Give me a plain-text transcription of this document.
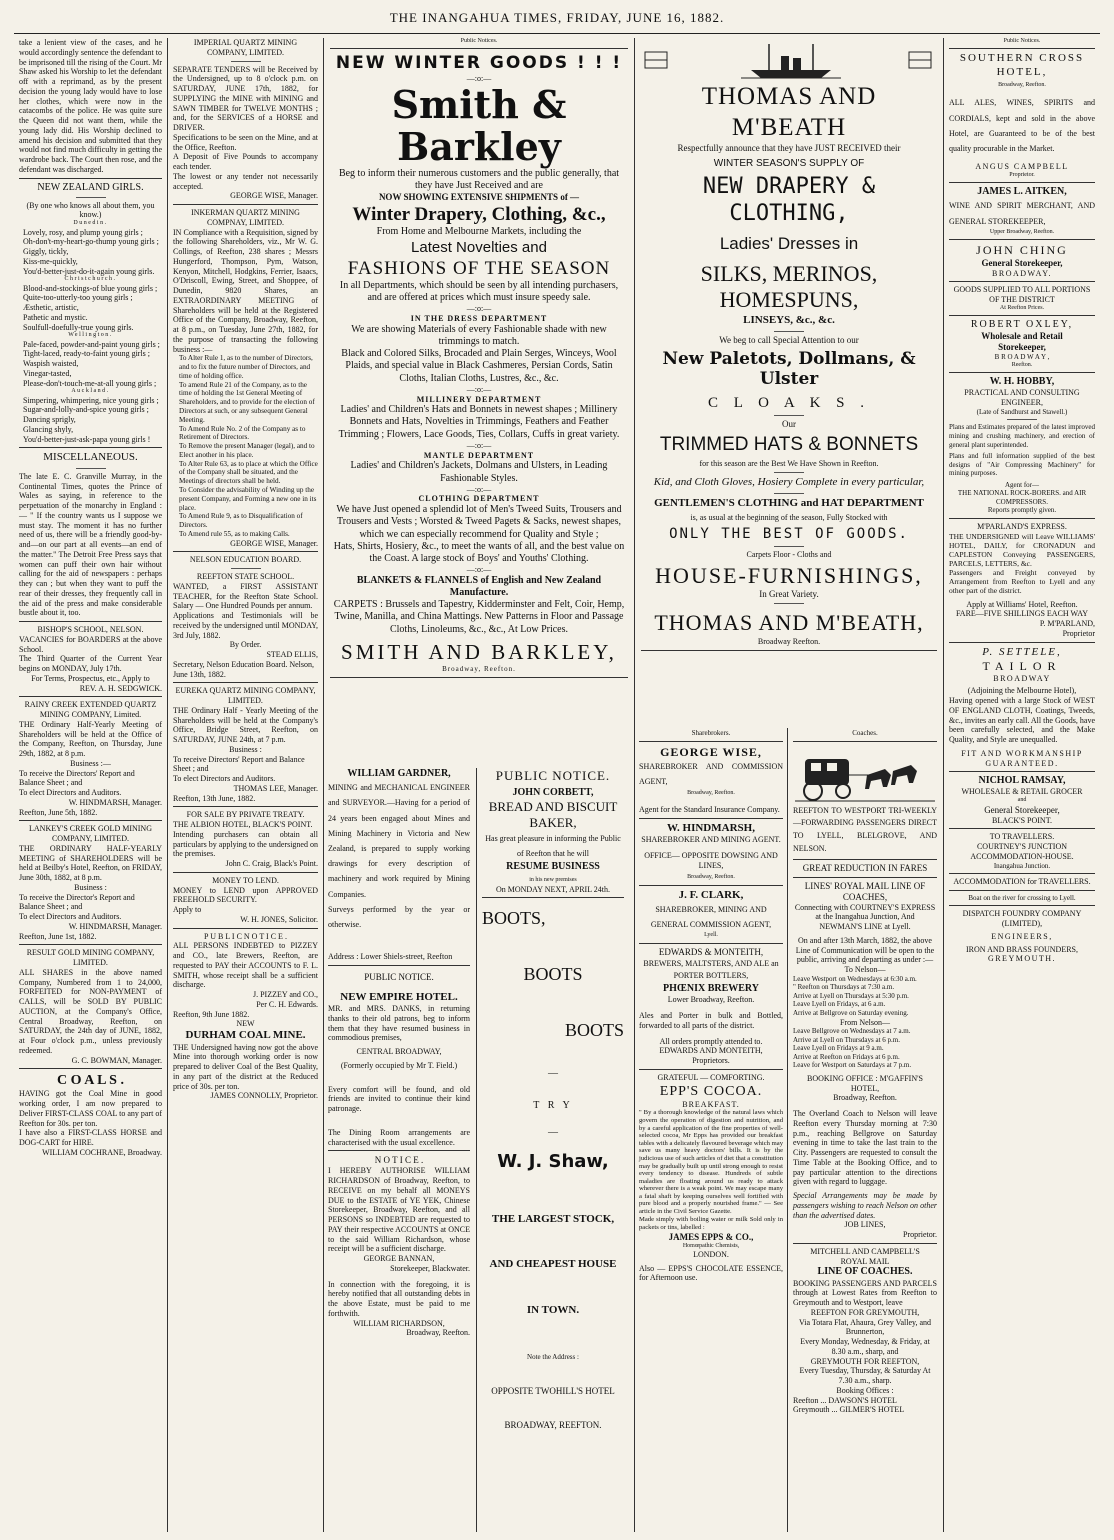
THE INANGAHUA TIMES, FRIDAY, JUNE 16, 1882.

take a lenient view of the cases, and he would accordingly sentence the defendant to be imprisoned till the rising of the Court. Mr Shaw asked his Worship to let the defendant off with a reprimand, as by the present decision the young lady would have to lose her clothes, which were now in the catacombs of the police. He was quite sure the Queen did not want them, while the young lady did. His Worship declined to amend his decision and submitted that they would not find much difficulty in getting the wardrobe back. The Court then rose, and the defendant was discharged.

NEW ZEALAND GIRLS.

(By one who knows all about them, you know.)

Dunedin.

Lovely, rosy, and plump young girls ;
Oh-don't-my-heart-go-thump young girls ;
Giggly, tickly,
Kiss-me-quickly,
You'd-better-just-do-it-again young girls.

Christchurch.

Blood-and-stockings-of blue young girls ;
Quite-too-utterly-too young girls ;
Æsthetic, artistic,
Pathetic and mystic.
Soulfull-doefully-true young girls.

Wellington.

Pale-faced, powder-and-paint young girls ;
Tight-laced, ready-to-faint young girls ;
Waspish waisted,
Vinegar-tasted,
Please-don't-touch-me-at-all young girls ;

Auckland.

Simpering, whimpering, nice young girls ;
Sugar-and-lolly-and-spice young girls ;
Dancing sprigly,
Glancing shyly,
You'd-better-just-ask-papa young girls !

MISCELLANEOUS.

The late E. C. Granville Murray, in the Continental Times, quotes the Prince of Wales as saying, in reference to the perpetuation of the monarchy in England :— " If the country wants us I suppose we must stay. The moment it has no further need of us, there will be a friendly good-by-and—on our part at all events—an end of the matter." The Detroit Free Press says that women can puff their own hair without calling for the aid of newspapers : perhaps they can ; but when they want to puff the rear of their dresses, they frequently call in the aid of the press and make considerable bustle about it, too.

BISHOP'S SCHOOL, NELSON.

VACANCIES for BOARDERS at the above School.

The Third Quarter of the Current Year begins on MONDAY, July 17th.

For Terms, Prospectus, etc., Apply to

REV. A. H. SEDGWICK.

RAINY CREEK EXTENDED QUARTZ MINING COMPANY, Limited.

THE Ordinary Half-Yearly Meeting of Shareholders will be held at the Office of the Company, Reefton, on Thursday, June 29th, 1882, at 8 p.m.

Business :—

To receive the Directors' Report and Balance Sheet ; and
To elect Directors and Auditors.

W. HINDMARSH, Manager.

Reefton, June 5th, 1882.

LANKEY'S CREEK GOLD MINING COMPANY, LIMITED.

THE ORDINARY HALF-YEARLY MEETING of SHAREHOLDERS will be held at Beilby's Hotel, Reefton, on FRIDAY, June 30th, 1882, at 8 p.m.

Business :

To receive the Director's Report and Balance Sheet ; and
To elect Directors and Auditors.

W. HINDMARSH, Manager.

Reefton, June 1st, 1882.

RESULT GOLD MINING COMPANY, LIMITED.

ALL SHARES in the above named Company, Numbered from 1 to 24,000, FORFEITED for NON-PAYMENT of CALLS, will be SOLD BY PUBLIC AUCTION, at the Company's Office, Central Broadway, Reefton, on SATURDAY, the 24th day of JUNE, 1882, at Four o'clock p.m., unless previously redeemed.

G. C. BOWMAN, Manager.

C O A L S .

HAVING got the Coal Mine in good working order, I am now prepared to Deliver FIRST-CLASS COAL to any part of Reefton for 30s. per ton.

I have also a FIRST-CLASS HORSE and DOG-CART for HIRE.

WILLIAM COCHRANE, Broadway.

IMPERIAL QUARTZ MINING COMPANY, LIMITED.

SEPARATE TENDERS will be Received by the Undersigned, up to 8 o'clock p.m. on SATURDAY, JUNE 17th, 1882, for SUPPLYING the MINE with MINING and SAWN TIMBER for TWELVE MONTHS ; and, for the SERVICES of a HORSE and DRIVER.

Specifications to be seen on the Mine, and at the Office, Reefton.

A Deposit of Five Pounds to accompany each tender.

The lowest or any tender not necessarily accepted.

GEORGE WISE, Manager.

INKERMAN QUARTZ MINING COMPNAY, LIMITED.

IN Compliance with a Requisition, signed by the following Shareholders, viz., Mr W. G. Collings, of Reefton, 238 shares ; Messrs Hungerford, Thompson, Pym, Watson, Kenyon, Mitchell, Hodgkins, Ferrier, Isaacs, O'Driscoll, Ewing, Street, and Shoppee, of Dunedin, 9820 Shares, an EXTRAORDINARY MEETING of Shareholders will be held at the Registered Office of the Company, Broadway, Reefton, at 8 p.m., on Tuesday, June 27th, 1882, for the purpose of transacting the following business :—

To Alter Rule 1, as to the number of Directors, and to fix the future number of Directors, and time of holding office.
To amend Rule 21 of the Company, as to the time of holding the 1st General Meeting of Shareholders, and to provide for the election of Directors at such, or any subsequent General Meeting.
To Amend Rule No. 2 of the Company as to Retirement of Directors.
To Remove the present Manager (legal), and to Elect another in his place.
To Alter Rule 63, as to place at which the Office of the Company shall be situated, and the Meetings of directors shall be held.
To Consider the advisability of Winding up the present Company, and Forming a new one in its place.
To Amend Rule 9, as to Disqualification of Directors.
To Amend rule 55, as to making Calls.

GEORGE WISE, Manager.

NELSON EDUCATION BOARD.

REEFTON STATE SCHOOL.

WANTED, a FIRST ASSISTANT TEACHER, for the Reefton State School. Salary — One Hundred Pounds per annum.

Applications and Testimonials will be received by the undersigned until MONDAY, 3rd July, 1882.

By Order.

STEAD ELLIS,

Secretary, Nelson Education Board. Nelson, June 13th, 1882.

EUREKA QUARTZ MINING COMPANY, LIMITED.

THE Ordinary Half - Yearly Meeting of the Shareholders will be held at the Company's Office, Bridge Street, Reefton, on SATURDAY, JUNE 24th, at 7 p.m.

Business :

To receive Directors' Report and Balance Sheet ; and
To elect Directors and Auditors.

THOMAS LEE, Manager.

Reefton, 13th June, 1882.

FOR SALE BY PRIVATE TREATY.

THE ALBION HOTEL, BLACK'S POINT.

Intending purchasers can obtain all particulars by applying to the undersigned on the premises.

John C. Craig, Black's Point.

MONEY TO LEND.

MONEY to LEND upon APPROVED FREEHOLD SECURITY.

Apply to

W. H. JONES, Solicitor.

P U B L I C N O T I C E .

ALL PERSONS INDEBTED to PIZZEY and CO., late Brewers, Reefton, are requested to PAY their ACCOUNTS to F. L. SMITH, whose receipt shall be a sufficient discharge.

J. PIZZEY and CO.,

Per C. H. Edwards.

Reefton, 9th June 1882.

NEW

DURHAM COAL MINE.

THE Undersigned having now got the above Mine into thorough working order is now prepared to deliver Coal of the Best Quality, in any part of the district at the Reduced price of 30s. per ton.

JAMES CONNOLLY, Proprietor.

Public Notices.

NEW WINTER GOODS ! ! !

—:o:—

Smith & Barkley

Beg to inform their numerous customers and the public generally, that they have Just Received and are

NOW SHOWING EXTENSIVE SHIPMENTS of —

Winter Drapery, Clothing, &c.,

From Home and Melbourne Markets, including the

Latest Novelties and

FASHIONS OF THE SEASON

In all Departments, which should be seen by all intending purchasers, and are offered at prices which must insure speedy sale.

—:o:—

IN THE DRESS DEPARTMENT

We are showing Materials of every Fashionable shade with new trimmings to match.

Black and Colored Silks, Brocaded and Plain Serges, Winceys, Wool Plaids, and special value in Black Cashmeres, Persian Cords, Satin Cloths, Italian Cloths, Lustres, &c., &c.

—:o:—

MILLINERY DEPARTMENT

Ladies' and Children's Hats and Bonnets in newest shapes ; Millinery Bonnets and Hats, Novelties in Trimmings, Feathers and Feather Trimming ; Flowers, Lace Goods, Ties, Collars, Cuffs in great variety.

—:o:—

MANTLE DEPARTMENT

Ladies' and Children's Jackets, Dolmans and Ulsters, in Leading Fashionable Styles.

—:o:—

CLOTHING DEPARTMENT

We have Just opened a splendid lot of Men's Tweed Suits, Trousers and Trousers and Vests ; Worsted & Tweed Pagets & Sacks, newest shapes, which we can especially recommend for Quality and Style ;

Hats, Shirts, Hosiery, &c., to meet the wants of all, and the best value on the Coast. A large stock of Boys' and Youths' Clothing.

—:o:—

BLANKETS & FLANNELS of English and New Zealand Manufacture.

CARPETS : Brussels and Tapestry, Kidderminster and Felt, Coir, Hemp, Twine, Manilla, and China Mattings. New Patterns in Floor and Passage Cloths, Linoleums, &c., &c., At Low Prices.

SMITH AND BARKLEY,

Broadway, Reefton.

WILLIAM GARDNER,

MINING and MECHANICAL ENGINEER and SURVEYOR.—Having for a period of 24 years been engaged about Mines and Mining Machinery in Victoria and New Zealand, is prepared to supply working drawings for every description of machinery and work required by Mining Companies.

Surveys performed by the year or otherwise.

Address : Lower Shiels-street, Reefton

PUBLIC NOTICE.

NEW EMPIRE HOTEL.

MR. and MRS. DANKS, in returning thanks to their old patrons, beg to inform them that they have resumed business in commodious premises,

CENTRAL BROADWAY,

(Formerly occupied by Mr T. Field.)

Every comfort will be found, and old friends are invited to continue their kind patronage.

The Dining Room arrangements are characterised with the usual excellence.

N O T I C E .

I HEREBY AUTHORISE WILLIAM RICHARDSON of Broadway, Reefton, to RECEIVE on my behalf all MONEYS DUE to the ESTATE of YE YEK, Chinese Storekeeper, Broadway, Reefton, and all PERSONS so INDEBTED are requested to PAY their respective ACCOUNTS at ONCE to the said William Richardson, whose receipt will be a sufficient discharge.

GEORGE BANNAN,

Storekeeper, Blackwater.

In connection with the foregoing, it is hereby notified that all outstanding debts in the above Estate, must be paid to me forthwith.

WILLIAM RICHARDSON,

Broadway, Reefton.

PUBLIC NOTICE.

JOHN CORBETT,

BREAD AND BISCUIT BAKER,

Has great pleasure in informing the Public of Reefton that he will

RESUME BUSINESS

in his new premises

On MONDAY NEXT, APRIL 24th.

BOOTS,

BOOTS

BOOTS

—

T R Y

—

W. J. Shaw,

THE LARGEST STOCK,

AND CHEAPEST HOUSE

IN TOWN.

Note the Address :

OPPOSITE TWOHILL'S HOTEL

BROADWAY, REEFTON.

THOMAS AND M'BEATH

Respectfully announce that they have JUST RECEIVED their

WINTER SEASON'S SUPPLY OF

NEW DRAPERY & CLOTHING,

Ladies' Dresses in

SILKS, MERINOS, HOMESPUNS,

LINSEYS, &c., &c.

We beg to call Special Attention to our

New Paletots, Dollmans, & Ulster

C L O A K S .

Our

TRIMMED HATS & BONNETS

for this season are the Best We Have Shown in Reefton.

Kid, and Cloth Gloves, Hosiery Complete in every particular,

GENTLEMEN'S CLOTHING and HAT DEPARTMENT

is, as usual at the beginning of the season, Fully Stocked with

ONLY THE BEST OF GOODS.

Carpets Floor - Cloths and

HOUSE-FURNISHINGS,

In Great Variety.

THOMAS AND M'BEATH,

Broadway Reefton.

Sharebrokers.

GEORGE WISE,

SHAREBROKER AND COMMISSION AGENT,

Broadway, Reefton.

Agent for the Standard Insurance Company.

W. HINDMARSH,

SHAREBROKER AND MINING AGENT.

OFFICE— OPPOSITE DOWSING AND LINES,

Broadway, Reefton.

J. F. CLARK,

SHAREBROKER, MINING AND GENERAL COMMISSION AGENT,

Lyell.

EDWARDS & MONTEITH,

BREWERS, MALTSTERS, AND ALE an PORTER BOTTLERS,

PHŒNIX BREWERY

Lower Broadway, Reefton.

Ales and Porter in bulk and Bottled, forwarded to all parts of the district.

All orders promptly attended to.

EDWARDS AND MONTEITH,

Proprietors.

GRATEFUL — COMFORTING.

EPP'S COCOA.

BREAKFAST.

" By a thorough knowledge of the natural laws which govern the operation of digestion and nutrition, and by a careful application of the fine properties of well-selected cocoa, Mr Epps has provided our breakfast tables with a delicately flavoured beverage which may save us many heavy doctors' bills. It is by the judicious use of such articles of diet that a constitution may be gradually built up until strong enough to resist every tendency to disease. Hundreds of subtle maladies are floating around us ready to attack wherever there is a weak point. We may escape many a fatal shaft by keeping ourselves well fortified with pure blood and a properly nourished frame." — See article in the Civil Service Gazette.

Made simply with boiling water or milk Sold only in packets or tins, labelled :

JAMES EPPS & CO.,

Homœpathic Chemists,

LONDON.

Also — EPPS'S CHOCOLATE ESSENCE, for Afternoon use.

Coaches.

REEFTON TO WESTPORT TRI-WEEKLY—FORWARDING PASSENGERS DIRECT TO LYELL, BLELGROVE, AND NELSON.

GREAT REDUCTION IN FARES

LINES' ROYAL MAIL LINE OF COACHES,

Connecting with COURTNEY'S EXPRESS at the Inangahua Junction, And NEWMAN'S LINE at Lyell.

On and after 13th March, 1882, the above Line of Communication will be open to the public, arriving and departing as under :—

To Nelson—

Leave Westport on Wednesdays at 6:30 a.m.
" Reefton on Thursdays at 7:30 a.m.
Arrive at Lyell on Thursdays at 5:30 p.m.
Leave Lyell on Fridays, at 6 a.m.
Arrive at Bellgrove on Saturday evening.

From Nelson—

Leave Bellgrove on Wednesdays at 7 a.m.
Arrive at Lyell on Thursdays at 6 p.m.
Leave Lyell on Fridays at 9 a.m.
Arrive at Reefton on Fridays at 6 p.m.
Leave for Westport on Saturdays at 7 p.m.

BOOKING OFFICE : M'GAFFIN'S HOTEL,

Broadway, Reefton.

The Overland Coach to Nelson will leave Reefton every Thursday morning at 7:30 p.m., reaching Bellgrove on Saturday evening in time to take the last train to the City. Passengers are requested to consult the Time Table at the Booking Office, and to pay particular attention to the directions given with regard to luggage.

Special Arrangements may be made by passengers wishing to reach Nelson on other than the advertised dates.

JOB LINES,

Proprietor.

MITCHELL AND CAMPBELL'S

ROYAL MAIL

LINE OF COACHES.

BOOKING PASSENGERS AND PARCELS through at Lowest Rates from Reefton to Greymouth and to Westport, leave

REEFTON FOR GREYMOUTH,

Via Totara Flat, Ahaura, Grey Valley, and Brunnerton,

Every Monday, Wednesday, & Friday, at 8.30 a.m., sharp, and

GREYMOUTH FOR REEFTON,

Every Tuesday, Thursday, & Saturday At 7.30 a.m., sharp.

Booking Offices :

Reefton ... DAWSON'S HOTEL

Greymouth ... GILMER'S HOTEL

Public Notices.

SOUTHERN CROSS HOTEL,

Broadway, Reefton.

ALL ALES, WINES, SPIRITS and CORDIALS, kept and sold in the above Hotel, are Guaranteed to be of the best quality procurable in the Market.

ANGUS CAMPBELL

Proprietor.

JAMES L. AITKEN,

WINE AND SPIRIT MERCHANT, AND GENERAL STOREKEEPER,

Upper Broadway, Reefton.

JOHN CHING

General Storekeeper,

BROADWAY.

GOODS SUPPLIED TO ALL PORTIONS OF THE DISTRICT

At Reefton Prices.

ROBERT OXLEY,

Wholesale and Retail

Storekeeper,

B R O A D W A Y ,

Reefton.

W. H. HOBBY,

PRACTICAL AND CONSULTING ENGINEER,

(Late of Sandhurst and Stawell.)

Plans and Estimates prepared of the latest improved mining and crushing machinery, and erection of general plant superintended.

Plans and full information supplied of the best designs of "Air Compressing Machinery" for mining purposes.

Agent for—

THE NATIONAL ROCK-BORERS. and AIR COMPRESSORS.

Reports promptly given.

M'PARLAND'S EXPRESS.

THE UNDERSIGNED will Leave WILLIAMS' HOTEL, DAILY, for CRONADUN and CAPLESTON Conveying PASSENGERS, PARCELS, LETTERS, &c.

Passengers and Freight conveyed by Arrangement from Reefton to Lyell and any other part of the district.

Apply at Williams' Hotel, Reefton.

FARE—FIVE SHILLINGS EACH WAY

P. M'PARLAND,

Proprietor

P. SETTELE,

TAILOR

BROADWAY

(Adjoining the Melbourne Hotel),

Having opened with a large Stock of WEST OF ENGLAND CLOTH, Coatings, Tweeds, &c., invites an early call. All the Goods, have been carefully selected, and the Make Quality, and Style are unequalled.

FIT AND WORKMANSHIP GUARANTEED.

NICHOL RAMSAY,

WHOLESALE & RETAIL GROCER

and

General Storekeeper,

BLACK'S POINT.

TO TRAVELLERS.

COURTNEY'S JUNCTION ACCOMMODATION-HOUSE.

Inangahua Junction.

ACCOMMODATION for TRAVELLERS.

Boat on the river for crossing to Lyell.

DISPATCH FOUNDRY COMPANY (LIMITED),

ENGINEERS,

IRON AND BRASS FOUNDERS,

GREYMOUTH.
